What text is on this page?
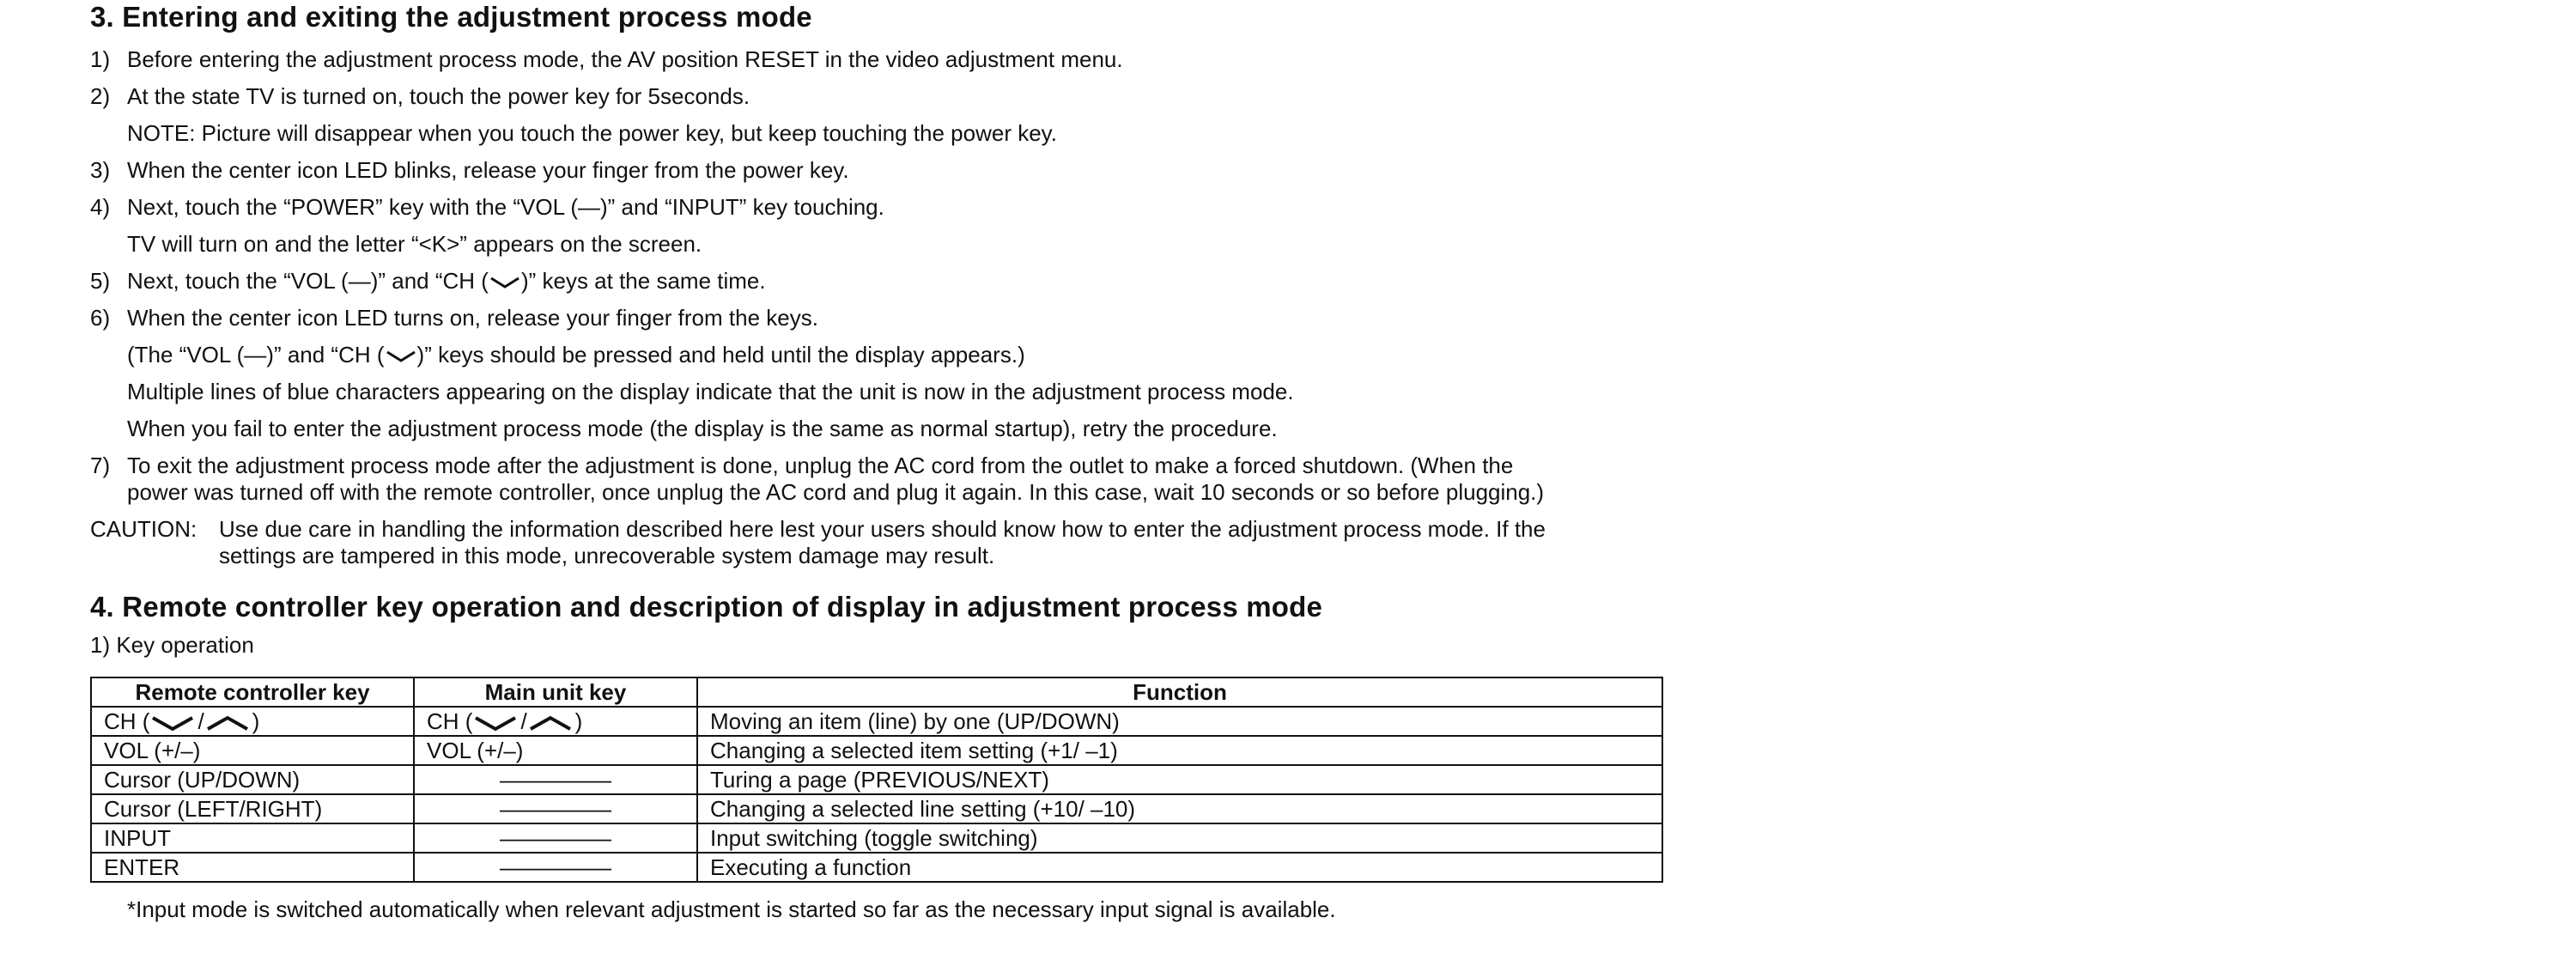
3. Entering and exiting the adjustment process mode
1) Before entering the adjustment process mode, the AV position RESET in the video adjustment menu.
2) At the state TV is turned on, touch the power key for 5seconds.
NOTE: Picture will disappear when you touch the power key, but keep touching the power key.
3) When the center icon LED blinks, release your finger from the power key.
4) Next, touch the “POWER” key with the “VOL (—)” and “INPUT” key touching.
TV will turn on and the letter “<K>” appears on the screen.
5) Next, touch the “VOL (—)” and “CH ( )” keys at the same time.
6) When the center icon LED turns on, release your finger from the keys.
(The “VOL (—)” and “CH ( )” keys should be pressed and held until the display appears.)
Multiple lines of blue characters appearing on the display indicate that the unit is now in the adjustment process mode.
When you fail to enter the adjustment process mode (the display is the same as normal startup), retry the procedure.
7) To exit the adjustment process mode after the adjustment is done, unplug the AC cord from the outlet to make a forced shutdown. (When the
power was turned off with the remote controller, once unplug the AC cord and plug it again. In this case, wait 10 seconds or so before plugging.)
CAUTION: Use due care in handling the information described here lest your users should know how to enter the adjustment process mode. If the
settings are tampered in this mode, unrecoverable system damage may result.
4. Remote controller key operation and description of display in adjustment process mode
1) Key operation
Remote controller key	Main unit key	Function
CH ( / )	CH ( / )	Moving an item (line) by one (UP/DOWN)
VOL (+/–)	VOL (+/–)	Changing a selected item setting (+1/ –1)
Cursor (UP/DOWN)	—————	Turing a page (PREVIOUS/NEXT)
Cursor (LEFT/RIGHT)	—————	Changing a selected line setting (+10/ –10)
INPUT	—————	Input switching (toggle switching)
ENTER	—————	Executing a function
*Input mode is switched automatically when relevant adjustment is started so far as the necessary input signal is available.
